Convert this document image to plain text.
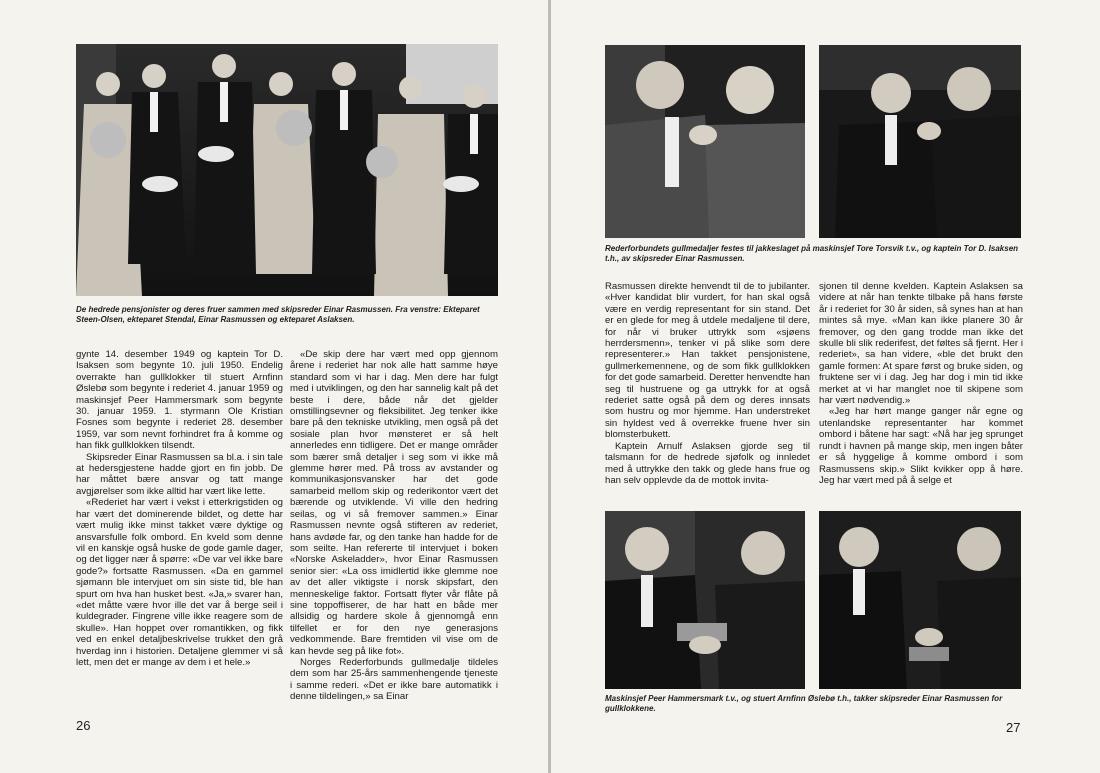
De hedrede pensjonister og deres fruer sammen med skipsreder Einar Rasmussen. Fra venstre: Ekteparet Steen-Olsen, ekteparet Stendal, Einar Rasmussen og ekteparet Aslaksen.

gynte 14. desember 1949 og kaptein Tor D. Isaksen som begynte 10. juli 1950. Endelig overrakte han gullklokker til stuert Arnfinn Øslebø som begynte i rederiet 4. januar 1959 og maskinsjef Peer Hammersmark som begynte 30. januar 1959. 1. styrmann Ole Kristian Fosnes som begynte i rederiet 28. desember 1959, var som nevnt forhindret fra å komme og han fikk gullklokken tilsendt.

Skipsreder Einar Rasmussen sa bl.a. i sin tale at hedersgjestene hadde gjort en fin jobb. De har måttet bære ansvar og tatt mange avgjørelser som ikke alltid har vært like lette.

«Rederiet har vært i vekst i etterkrigstiden og har vært det dominerende bildet, og dette har vært mulig ikke minst takket være dyktige og ansvarsfulle folk ombord. En kveld som denne vil en kanskje også huske de gode gamle dager, og det ligger nær å spørre: «De var vel ikke bare gode?» fortsatte Rasmussen. «Da en gammel sjømann ble intervjuet om sin siste tid, ble han spurt om hva han husket best. «Ja,» svarer han, «det måtte være hvor ille det var å berge seil i kuldegrader. Fingrene ville ikke reagere som de skulle». Han hoppet over romantikken, og fikk ved en enkel detaljbeskrivelse trukket den grå hverdag inn i historien. Detaljene glemmer vi så lett, men det er mange av dem i et hele.»

«De skip dere har vært med opp gjennom årene i rederiet har nok alle hatt samme høye standard som vi har i dag. Men dere har fulgt med i utviklingen, og den har sannelig kalt på det beste i dere, både når det gjelder omstillingsevner og fleksibilitet. Jeg tenker ikke bare på den tekniske utvikling, men også på det sosiale plan hvor mønsteret er så helt annerledes enn tidligere. Det er mange områder som bærer små detaljer i seg som vi ikke må glemme hører med. På tross av avstander og kommunikasjonsvansker har det gode samarbeid mellom skip og rederikontor vært det bærende og utviklende. Vi ville den hedring seilas, og vi så fremover sammen.» Einar Rasmussen nevnte også stifteren av rederiet, hans avdøde far, og den tanke han hadde for de som seilte. Han refererte til intervjuet i boken «Norske Askeladder», hvor Einar Rasmussen senior sier: «La oss imidlertid ikke glemme noe av det aller viktigste i norsk skipsfart, den menneskelige faktor. Fortsatt flyter vår flåte på sine toppoffiserer, de har hatt en både mer allsidig og hardere skole å gjennomgå enn tilfellet er for den nye generasjons vedkommende. Bare fremtiden vil vise om de kan hevde seg på like fot».

Norges Rederforbunds gullmedalje tildeles dem som har 25-års sammenhengende tjeneste i samme rederi. «Det er ikke bare automatikk i denne tildelingen,» sa Einar

26
Rederforbundets gullmedaljer festes til jakkeslaget på maskinsjef Tore Torsvik t.v., og kaptein Tor D. Isaksen t.h., av skipsreder Einar Rasmussen.

Rasmussen direkte henvendt til de to jubilanter. «Hver kandidat blir vurdert, for han skal også være en verdig representant for sin stand. Det er en glede for meg å utdele medaljene til dere, for når vi bruker uttrykk som «sjøens herrdersmenn», tenker vi på slike som dere representerer.» Han takket pensjonistene, gullmerkemennene, og de som fikk gullklokken for det gode samarbeid. Deretter henvendte han seg til hustruene og ga uttrykk for at også rederiet satte også på dem og deres innsats som hustru og mor hjemme. Han understreket sin hyldest ved å overrekke fruene hver sin blomsterbukett.

Kaptein Arnulf Aslaksen gjorde seg til talsmann for de hedrede sjøfolk og innledet med å uttrykke den takk og glede hans frue og han selv opplevde da de mottok invita-

sjonen til denne kvelden. Kaptein Aslaksen sa videre at når han tenkte tilbake på hans første år i rederiet for 30 år siden, så synes han at han mintes så mye. «Man kan ikke planere 30 år fremover, og den gang trodde man ikke det skulle bli slik rederifest, det føltes så fjernt. Her i rederiet», sa han videre, «ble det brukt den gamle formen: At spare først og bruke siden, og fruktene ser vi i dag. Jeg har dog i min tid ikke merket at vi har manglet noe til skipene som har vært nødvendig.»

«Jeg har hørt mange ganger når egne og utenlandske representanter har kommet ombord i båtene har sagt: «Nå har jeg sprunget rundt i havnen på mange skip, men ingen båter er så hyggelige å komme ombord i som Rasmussens skip.» Slikt kvikker opp å høre. Jeg har vært med på å selge et

Maskinsjef Peer Hammersmark t.v., og stuert Arnfinn Øslebø t.h., takker skipsreder Einar Rasmussen for gullklokkene.
27
